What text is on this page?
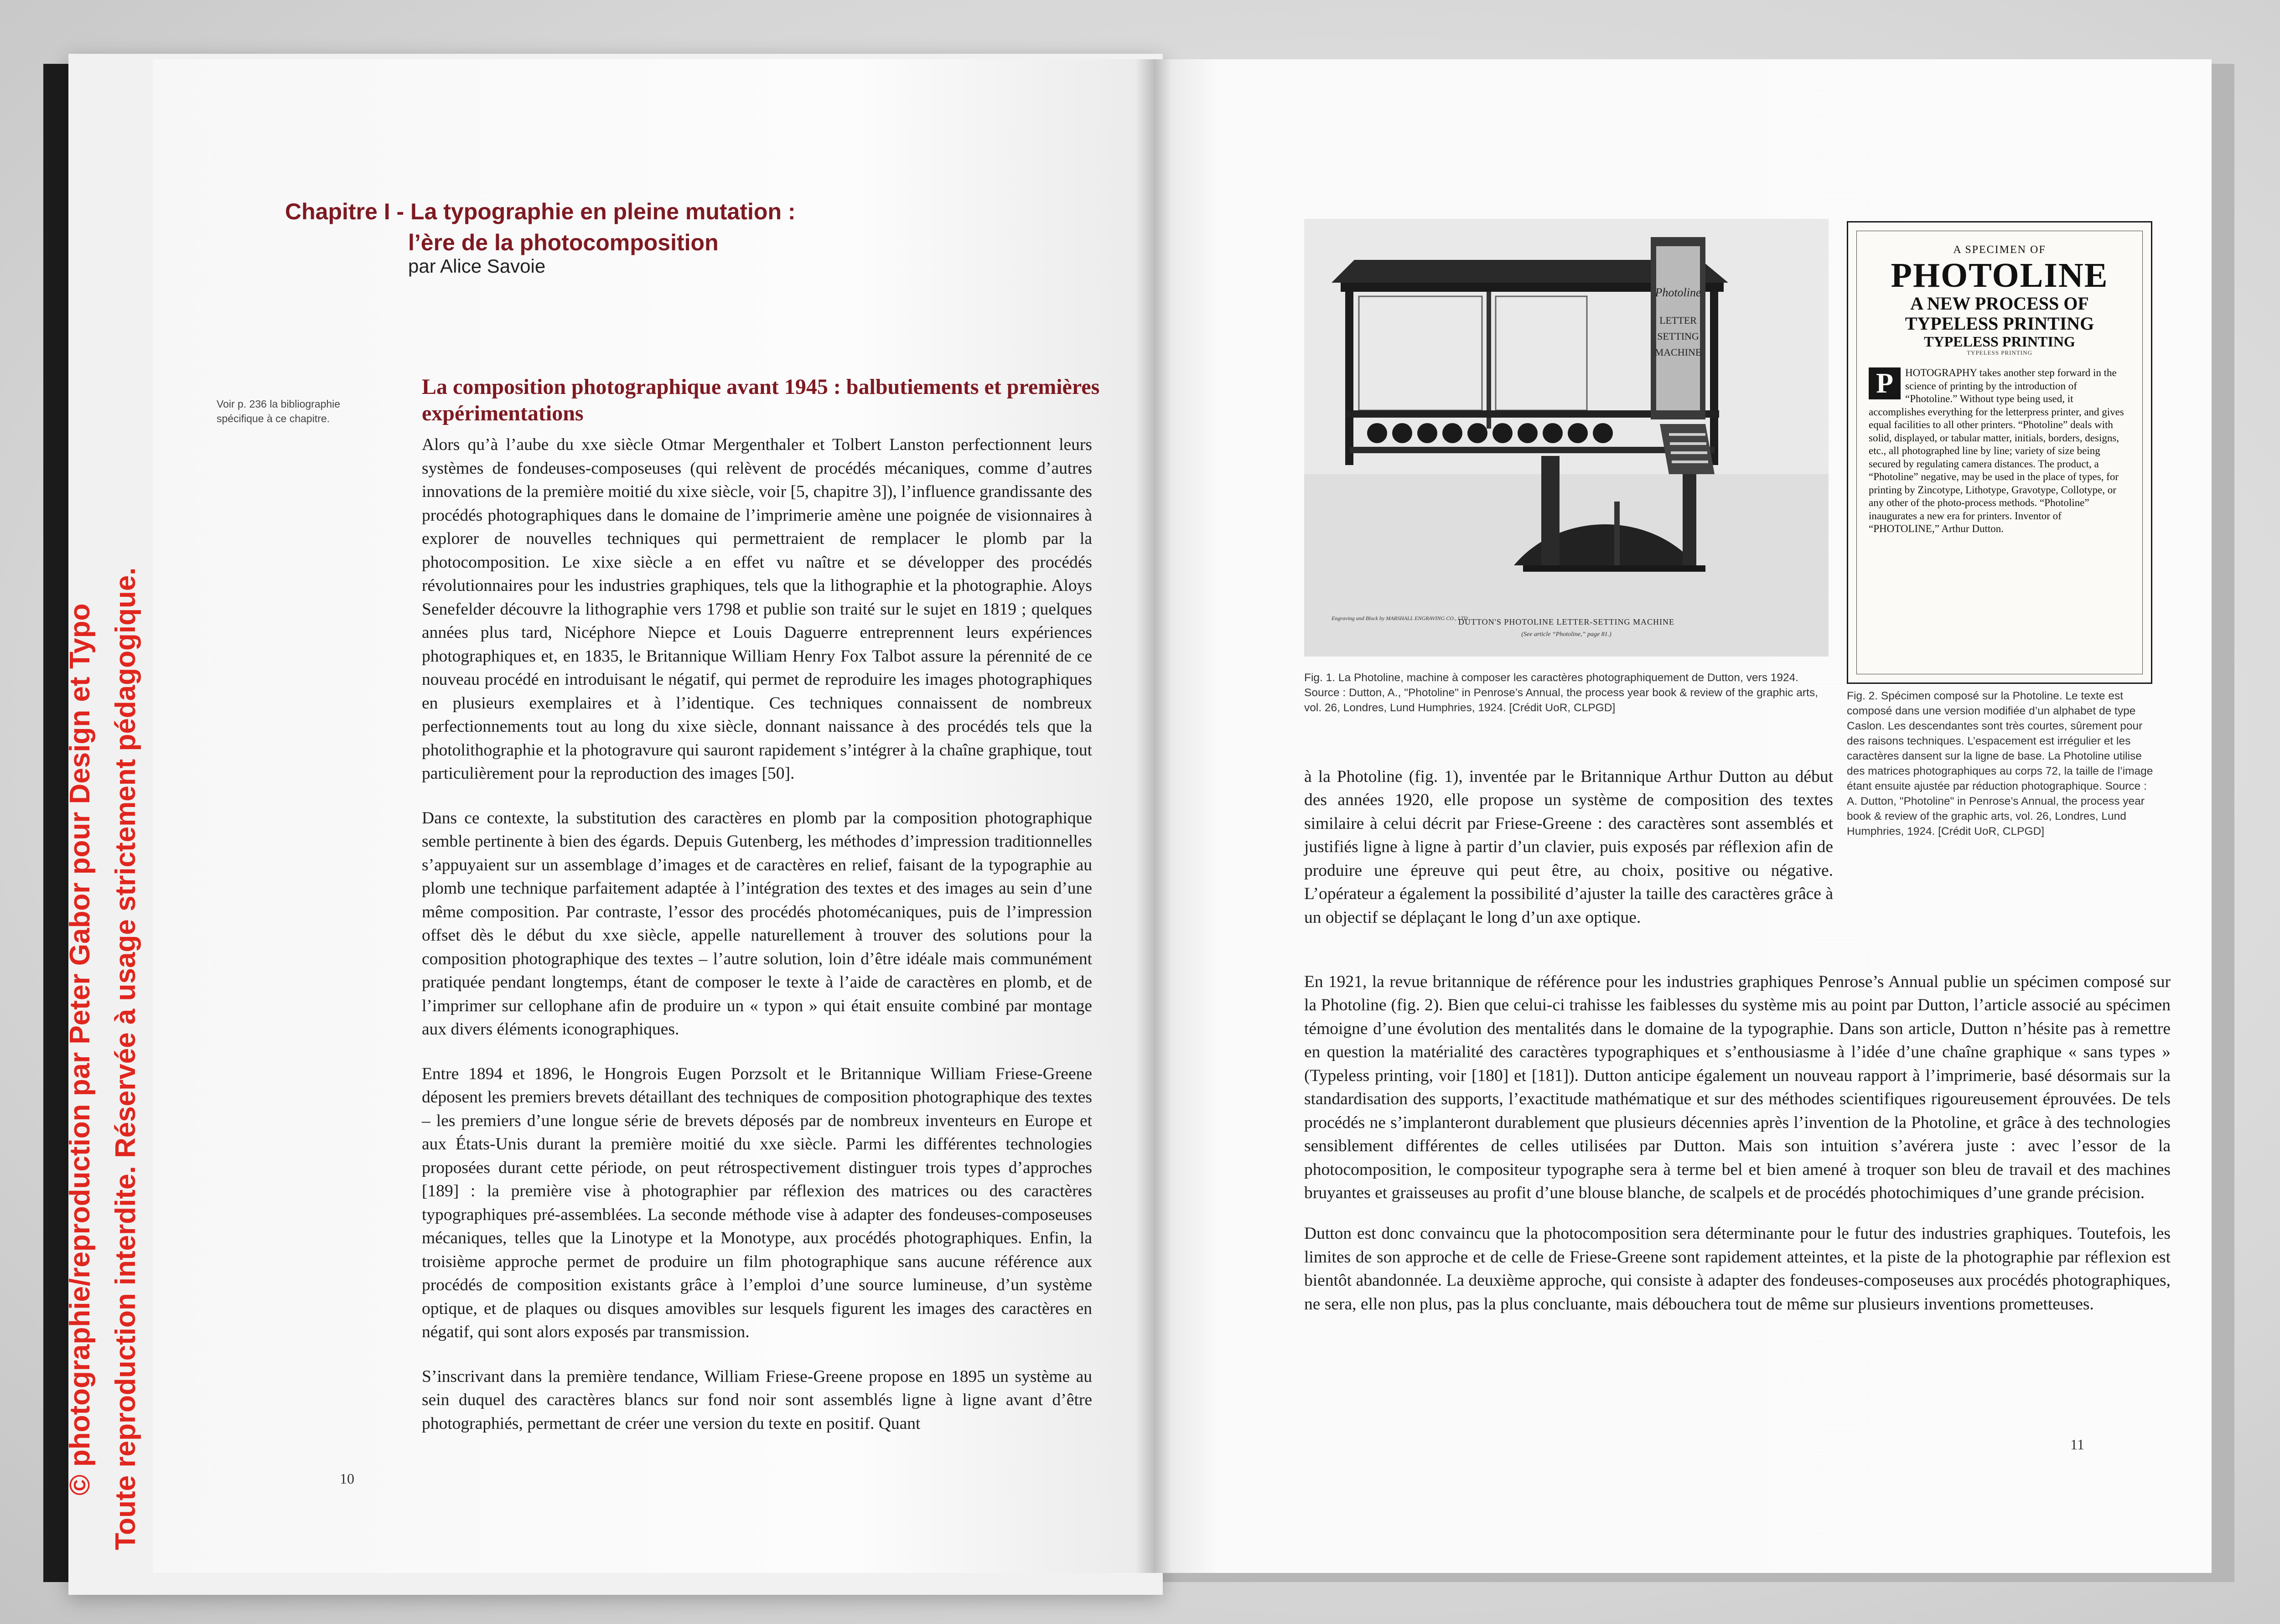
Chapitre I - La typographie en pleine mutation :
l’ère de la photocomposition
par Alice Savoie
Voir p. 236 la bibliographie spécifique à ce chapitre.
La composition photographique avant 1945 : balbutiements et premières expérimentations

Alors qu’à l’aube du xxe siècle Otmar Mergenthaler et Tolbert Lanston perfectionnent leurs systèmes de fondeuses-composeuses (qui relèvent de procédés mécaniques, comme d’autres innovations de la première moitié du xixe siècle, voir [5, chapitre 3]), l’influence grandissante des procédés photographiques dans le domaine de l’imprimerie amène une poignée de visionnaires à explorer de nouvelles techniques qui permettraient de remplacer le plomb par la photocomposition. Le xixe siècle a en effet vu naître et se développer des procédés révolutionnaires pour les industries graphiques, tels que la lithographie et la photographie. Aloys Senefelder découvre la lithographie vers 1798 et publie son traité sur le sujet en 1819 ; quelques années plus tard, Nicéphore Niepce et Louis Daguerre entreprennent leurs expériences photographiques et, en 1835, le Britannique William Henry Fox Talbot assure la pérennité de ce nouveau procédé en introduisant le négatif, qui permet de reproduire les images photographiques en plusieurs exemplaires et à l’identique. Ces techniques connaissent de nombreux perfectionnements tout au long du xixe siècle, donnant naissance à des procédés tels que la photolithographie et la photogravure qui sauront rapidement s’intégrer à la chaîne graphique, tout particulièrement pour la reproduction des images [50].

Dans ce contexte, la substitution des caractères en plomb par la composition photographique semble pertinente à bien des égards. Depuis Gutenberg, les méthodes d’impression traditionnelles s’appuyaient sur un assemblage d’images et de caractères en relief, faisant de la typographie au plomb une technique parfaitement adaptée à l’intégration des textes et des images au sein d’une même composition. Par contraste, l’essor des procédés photomécaniques, puis de l’impression offset dès le début du xxe siècle, appelle naturellement à trouver des solutions pour la composition photographique des textes – l’autre solution, loin d’être idéale mais communément pratiquée pendant longtemps, étant de composer le texte à l’aide de caractères en plomb, et de l’imprimer sur cellophane afin de produire un « typon » qui était ensuite combiné par montage aux divers éléments iconographiques.

Entre 1894 et 1896, le Hongrois Eugen Porzsolt et le Britannique William Friese-Greene déposent les premiers brevets détaillant des techniques de composition photographique des textes – les premiers d’une longue série de brevets déposés par de nombreux inventeurs en Europe et aux États-Unis durant la première moitié du xxe siècle. Parmi les différentes technologies proposées durant cette période, on peut rétrospectivement distinguer trois types d’approches [189] : la première vise à photographier par réflexion des matrices ou des caractères typographiques pré-assemblées. La seconde méthode vise à adapter des fondeuses-composeuses mécaniques, telles que la Linotype et la Monotype, aux procédés photographiques. Enfin, la troisième approche permet de produire un film photographique sans aucune référence aux procédés de composition existants grâce à l’emploi d’une source lumineuse, d’un système optique, et de plaques ou disques amovibles sur lesquels figurent les images des caractères en négatif, qui sont alors exposés par transmission.

S’inscrivant dans la première tendance, William Friese-Greene propose en 1895 un système au sein duquel des caractères blancs sur fond noir sont assemblés ligne à ligne avant d’être photographiés, permettant de créer une version du texte en positif. Quant

10
Photoline
LETTER
SETTING
MACHINE
Engraving and Block by MARSHALL ENGRAVING CO., LTD.
DUTTON'S PHOTOLINE LETTER-SETTING MACHINE
(See article “Photoline,” page 81.)
A SPECIMEN OF
PHOTOLINE
A NEW PROCESS OF
TYPELESS PRINTING
TYPELESS PRINTING
TYPELESS PRINTING
P	HOTOGRAPHY takes another step forward in the science of printing by the introduction of “Photoline.” Without type being used, it accomplishes everything for the letterpress printer, and gives equal facilities to all other printers. “Photoline” deals with solid, displayed, or tabular matter, initials, borders, designs, etc., all photographed line by line; variety of size being secured by regulating camera distances. The product, a “Photoline” negative, may be used in the place of types, for printing by Zincotype, Lithotype, Gravotype, Collotype, or any other of the photo-process methods. “Photoline” inaugurates a new era for printers. Inventor of “PHOTOLINE,” Arthur Dutton.
Fig. 1. La Photoline, machine à composer les caractères photographiquement de Dutton, vers 1924. Source : Dutton, A., "Photoline" in Penrose’s Annual, the process year book & review of the graphic arts, vol. 26, Londres, Lund Humphries, 1924. [Crédit UoR, CLPGD]
Fig. 2. Spécimen composé sur la Photoline. Le texte est composé dans une version modifiée d’un alphabet de type Caslon. Les descendantes sont très courtes, sûrement pour des raisons techniques. L’espacement est irrégulier et les caractères dansent sur la ligne de base. La Photoline utilise des matrices photographiques au corps 72, la taille de l’image étant ensuite ajustée par réduction photographique. Source : A. Dutton, "Photoline" in Penrose’s Annual, the process year book & review of the graphic arts, vol. 26, Londres, Lund Humphries, 1924. [Crédit UoR, CLPGD]

à la Photoline (fig. 1), inventée par le Britannique Arthur Dutton au début des années 1920, elle propose un système de composition des textes similaire à celui décrit par Friese-Greene : des caractères sont assemblés et justifiés ligne à ligne à partir d’un clavier, puis exposés par réflexion afin de produire une épreuve qui peut être, au choix, positive ou négative. L’opérateur a également la possibilité d’ajuster la taille des caractères grâce à un objectif se déplaçant le long d’un axe optique.

En 1921, la revue britannique de référence pour les industries graphiques Penrose’s Annual publie un spécimen composé sur la Photoline (fig. 2). Bien que celui-ci trahisse les faiblesses du système mis au point par Dutton, l’article associé au spécimen témoigne d’une évolution des mentalités dans le domaine de la typographie. Dans son article, Dutton n’hésite pas à remettre en question la matérialité des caractères typographiques et s’enthousiasme à l’idée d’une chaîne graphique « sans types » (Typeless printing, voir [180] et [181]). Dutton anticipe également un nouveau rapport à l’imprimerie, basé désormais sur la standardisation des supports, l’exactitude mathématique et sur des méthodes scientifiques rigoureusement éprouvées. De tels procédés ne s’implanteront durablement que plusieurs décennies après l’invention de la Photoline, et grâce à des technologies sensiblement différentes de celles utilisées par Dutton. Mais son intuition s’avérera juste : avec l’essor de la photocomposition, le compositeur typographe sera à terme bel et bien amené à troquer son bleu de travail et des machines bruyantes et graisseuses au profit d’une blouse blanche, de scalpels et de procédés photochimiques d’une grande précision.

Dutton est donc convaincu que la photocomposition sera déterminante pour le futur des industries graphiques. Toutefois, les limites de son approche et de celle de Friese-Greene sont rapidement atteintes, et la piste de la photographie par réflexion est bientôt abandonnée. La deuxième approche, qui consiste à adapter des fondeuses-composeuses aux procédés photographiques, ne sera, elle non plus, pas la plus concluante, mais débouchera tout de même sur plusieurs inventions prometteuses.

11
© photographie/reproduction par Peter Gabor pour Design et Typo Toute reproduction interdite. Réservée à usage strictement pédagogique.
